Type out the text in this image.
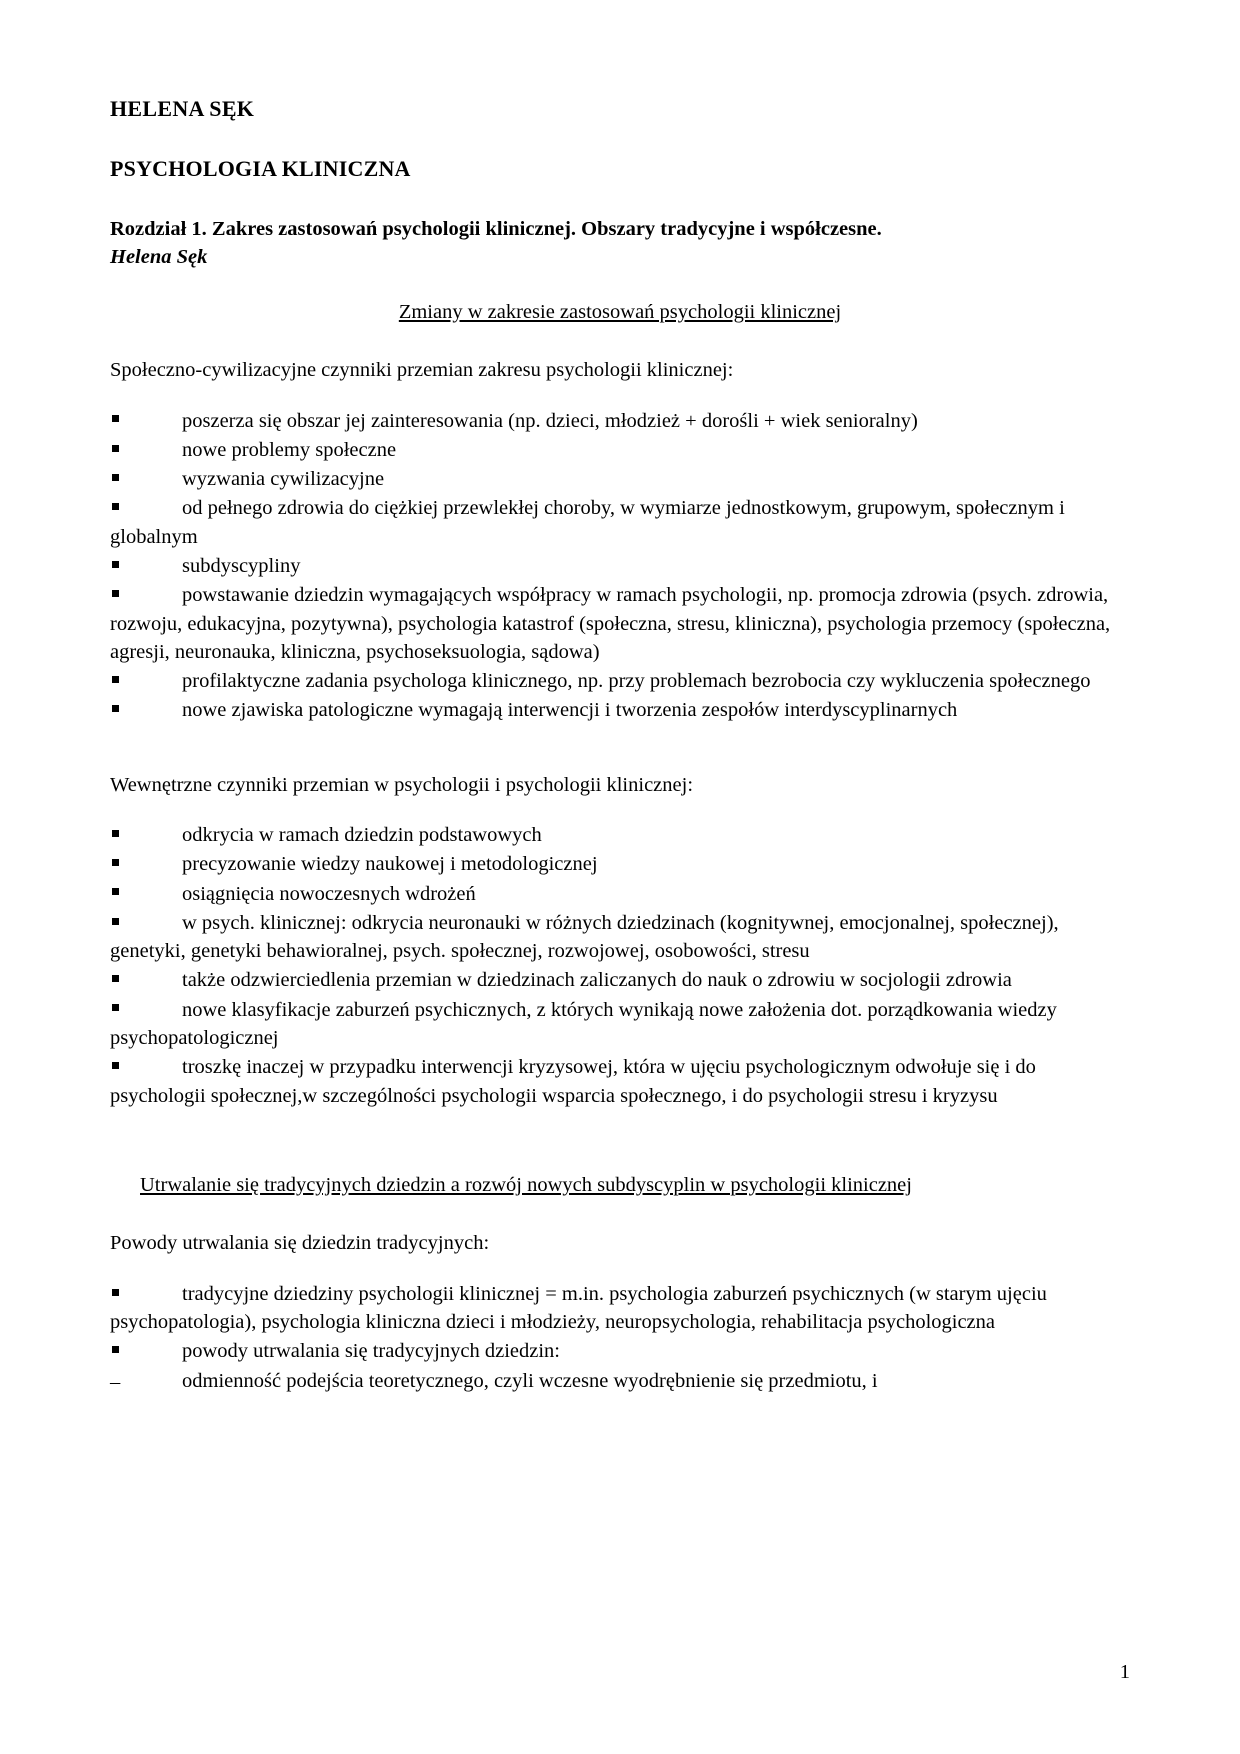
HELENA SĘK
PSYCHOLOGIA KLINICZNA
Rozdział 1. Zakres zastosowań psychologii klinicznej. Obszary tradycyjne i współczesne.
Helena Sęk
Zmiany w zakresie zastosowań psychologii klinicznej
Społeczno-cywilizacyjne czynniki przemian zakresu psychologii klinicznej:
poszerza się obszar jej zainteresowania (np. dzieci, młodzież + dorośli + wiek senioralny)
nowe problemy społeczne
wyzwania cywilizacyjne
od pełnego zdrowia do ciężkiej przewlekłej choroby, w wymiarze jednostkowym, grupowym, społecznym i globalnym
subdyscypliny
powstawanie dziedzin wymagających współpracy w ramach psychologii, np. promocja zdrowia (psych. zdrowia, rozwoju, edukacyjna, pozytywna), psychologia katastrof (społeczna, stresu, kliniczna), psychologia przemocy (społeczna, agresji, neuronauka, kliniczna, psychoseksuologia, sądowa)
profilaktyczne zadania psychologa klinicznego, np. przy problemach bezrobocia czy wykluczenia społecznego
nowe zjawiska patologiczne wymagają interwencji i tworzenia zespołów interdyscyplinarnych
Wewnętrzne czynniki przemian w psychologii i psychologii klinicznej:
odkrycia w ramach dziedzin podstawowych
precyzowanie wiedzy naukowej i metodologicznej
osiągnięcia nowoczesnych wdrożeń
w psych. klinicznej: odkrycia neuronauki w różnych dziedzinach (kognitywnej, emocjonalnej, społecznej), genetyki, genetyki behawioralnej, psych. społecznej, rozwojowej, osobowości, stresu
także odzwierciedlenia przemian w dziedzinach zaliczanych do nauk o zdrowiu w socjologii zdrowia
nowe klasyfikacje zaburzeń psychicznych, z których wynikają nowe założenia dot. porządkowania wiedzy psychopatologicznej
troszkę inaczej w przypadku interwencji kryzysowej, która w ujęciu psychologicznym odwołuje się i do psychologii społecznej,w szczególności psychologii wsparcia społecznego, i do psychologii stresu i kryzysu
Utrwalanie się tradycyjnych dziedzin a rozwój nowych subdyscyplin w psychologii klinicznej
Powody utrwalania się dziedzin tradycyjnych:
tradycyjne dziedziny psychologii klinicznej = m.in. psychologia zaburzeń psychicznych (w starym ujęciu psychopatologia), psychologia kliniczna dzieci i młodzieży, neuropsychologia, rehabilitacja psychologiczna
powody utrwalania się tradycyjnych dziedzin:
–	odmienność podejścia teoretycznego, czyli wczesne wyodrębnienie się przedmiotu, i
1
